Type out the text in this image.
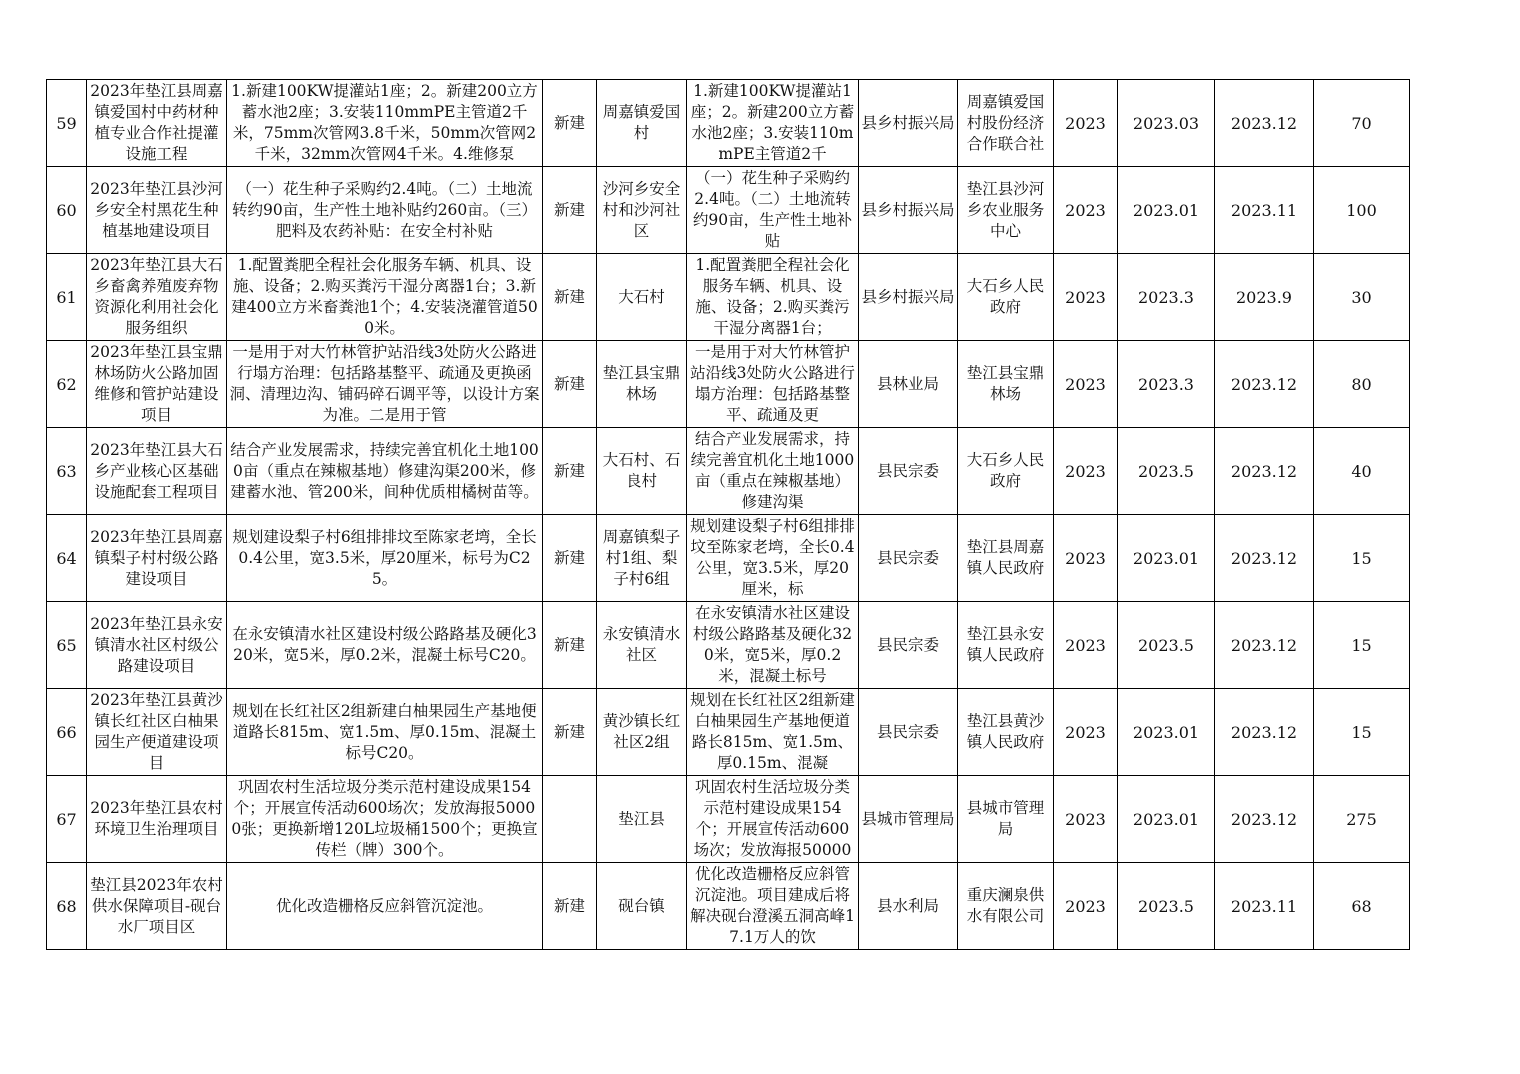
59	2023年垫江县周嘉镇爱国村中药材种植专业合作社提灌设施工程	1.新建100KW提灌站1座；2。新建200立方蓄水池2座；3.安装110mmPE主管道2千米，75mm次管网3.8千米，50mm次管网2千米，32mm次管网4千米。4.维修泵	新建	周嘉镇爱国村	1.新建100KW提灌站1座；2。新建200立方蓄水池2座；3.安装110mmPE主管道2千	县乡村振兴局	周嘉镇爱国村股份经济合作联合社	2023	2023.03	2023.12	70

60	2023年垫江县沙河乡安全村黑花生种植基地建设项目	（一）花生种子采购约2.4吨。（二）土地流转约90亩，生产性土地补贴约260亩。（三）肥料及农药补贴：在安全村补贴	新建	沙河乡安全村和沙河社区	（一）花生种子采购约2.4吨。（二）土地流转约90亩，生产性土地补贴	县乡村振兴局	垫江县沙河乡农业服务中心	2023	2023.01	2023.11	100

61	2023年垫江县大石乡畜禽养殖废弃物资源化利用社会化服务组织	1.配置粪肥全程社会化服务车辆、机具、设施、设备；2.购买粪污干湿分离器1台；3.新建400立方米畜粪池1个；4.安装浇灌管道500米。	新建	大石村	1.配置粪肥全程社会化服务车辆、机具、设施、设备；2.购买粪污干湿分离器1台；	县乡村振兴局	大石乡人民政府	2023	2023.3	2023.9	30

62	2023年垫江县宝鼎林场防火公路加固维修和管护站建设项目	一是用于对大竹林管护站沿线3处防火公路进行塌方治理：包括路基整平、疏通及更换函洞、清理边沟、铺码碎石调平等，以设计方案为准。二是用于管	新建	垫江县宝鼎林场	一是用于对大竹林管护站沿线3处防火公路进行塌方治理：包括路基整平、疏通及更	县林业局	垫江县宝鼎林场	2023	2023.3	2023.12	80

63	2023年垫江县大石乡产业核心区基础设施配套工程项目	结合产业发展需求，持续完善宜机化土地1000亩（重点在辣椒基地）修建沟渠200米，修建蓄水池、管200米，间种优质柑橘树苗等。	新建	大石村、石良村	结合产业发展需求，持续完善宜机化土地1000亩（重点在辣椒基地）修建沟渠	县民宗委	大石乡人民政府	2023	2023.5	2023.12	40

64	2023年垫江县周嘉镇梨子村村级公路建设项目	规划建设梨子村6组排排坟至陈家老塆，全长0.4公里，宽3.5米，厚20厘米，标号为C25。	新建	周嘉镇梨子村1组、梨子村6组	规划建设梨子村6组排排坟至陈家老塆，全长0.4公里，宽3.5米，厚20厘米，标	县民宗委	垫江县周嘉镇人民政府	2023	2023.01	2023.12	15

65	2023年垫江县永安镇清水社区村级公路建设项目	在永安镇清水社区建设村级公路路基及硬化320米，宽5米，厚0.2米，混凝土标号C20。	新建	永安镇清水社区	在永安镇清水社区建设村级公路路基及硬化320米，宽5米，厚0.2米，混凝土标号	县民宗委	垫江县永安镇人民政府	2023	2023.5	2023.12	15

66	2023年垫江县黄沙镇长红社区白柚果园生产便道建设项目	规划在长红社区2组新建白柚果园生产基地便道路长815m、宽1.5m、厚0.15m、混凝土标号C20。	新建	黄沙镇长红社区2组	规划在长红社区2组新建白柚果园生产基地便道路长815m、宽1.5m、厚0.15m、混凝	县民宗委	垫江县黄沙镇人民政府	2023	2023.01	2023.12	15

67	2023年垫江县农村环境卫生治理项目	巩固农村生活垃圾分类示范村建设成果154个；开展宣传活动600场次；发放海报50000张；更换新增120L垃圾桶1500个；更换宣传栏（牌）300个。		垫江县	巩固农村生活垃圾分类示范村建设成果154个；开展宣传活动600场次；发放海报50000	县城市管理局	县城市管理局	2023	2023.01	2023.12	275

68	垫江县2023年农村供水保障项目-砚台水厂项目区	优化改造栅格反应斜管沉淀池。	新建	砚台镇	优化改造栅格反应斜管沉淀池。项目建成后将解决砚台澄溪五洞高峰17.1万人的饮	县水利局	重庆澜泉供水有限公司	2023	2023.5	2023.11	68
